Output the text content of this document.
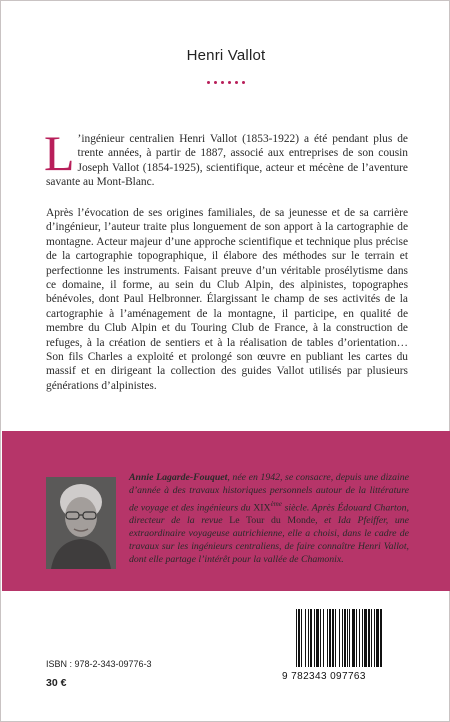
Henri Vallot
L ’ingénieur centralien Henri Vallot (1853-1922) a été pendant plus de trente années, à partir de 1887, associé aux entreprises de son cousin Joseph Vallot (1854-1925), scientifique, acteur et mécène de l’aventure savante au Mont-Blanc.

Après l’évocation de ses origines familiales, de sa jeunesse et de sa carrière d’ingénieur, l’auteur traite plus longuement de son apport à la cartographie de montagne. Acteur majeur d’une approche scientifique et technique plus précise de la cartographie topographique, il élabore des méthodes sur le terrain et perfectionne les instruments. Faisant preuve d’un véritable prosélytisme dans ce domaine, il forme, au sein du Club Alpin, des alpinistes, topographes bénévoles, dont Paul Helbronner. Élargissant le champ de ses activités de la cartographie à l’aménagement de la montagne, il participe, en qualité de membre du Club Alpin et du Touring Club de France, à la construction de refuges, à la création de sentiers et à la réalisation de tables d’orientation… Son fils Charles a exploité et prolongé son œuvre en publiant les cartes du massif et en dirigeant la collection des guides Vallot utilisés par plusieurs générations d’alpinistes.

Annie Lagarde-Fouquet, née en 1942, se consacre, depuis une dizaine d’année à des travaux historiques personnels autour de la littérature de voyage et des ingénieurs du XIXème siècle. Après Édouard Charton, directeur de la revue Le Tour du Monde, et Ida Pfeiffer, une extraordinaire voyageuse autrichienne, elle a choisi, dans le cadre de travaux sur les ingénieurs centraliens, de faire connaître Henri Vallot, dont elle partage l’intérêt pour la vallée de Chamonix.
ISBN : 978-2-343-09776-3
30 €
9 782343 097763
